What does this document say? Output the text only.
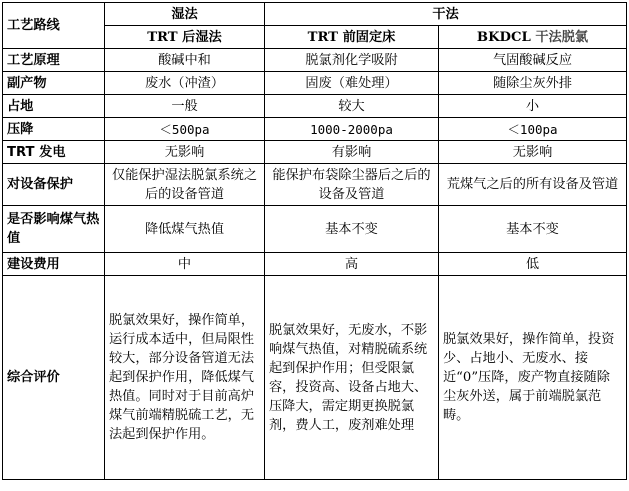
工艺路线	湿法	干法	
	TRT 后湿法	TRT 前固定床	BKDCL 干法脱氯
工艺原理	酸碱中和	脱氯剂化学吸附	气固酸碱反应
副产物	废水（冲渣）	固废（难处理）	随除尘灰外排
占地	一般	较大	小
压降	＜500pa	1000-2000pa	＜100pa
TRT 发电	无影响	有影响	无影响
对设备保护	仅能保护湿法脱氯系统之后的设备管道	能保护布袋除尘器后之后的设备及管道	荒煤气之后的所有设备及管道
是否影响煤气热值	降低煤气热值	基本不变	基本不变
建设费用	中	高	低
综合评价	脱氯效果好，操作简单，运行成本适中，但局限性较大，部分设备管道无法起到保护作用，降低煤气热值。同时对于目前高炉煤气前端精脱硫工艺，无法起到保护作用。	脱氯效果好，无废水，不影响煤气热值，对精脱硫系统起到保护作用；但受限氯容，投资高、设备占地大、压降大，需定期更换脱氯剂，费人工，废剂难处理	脱氯效果好，操作简单，投资少、占地小、无废水、接近“0”压降，废产物直接随除尘灰外送，属于前端脱氯范畴。
